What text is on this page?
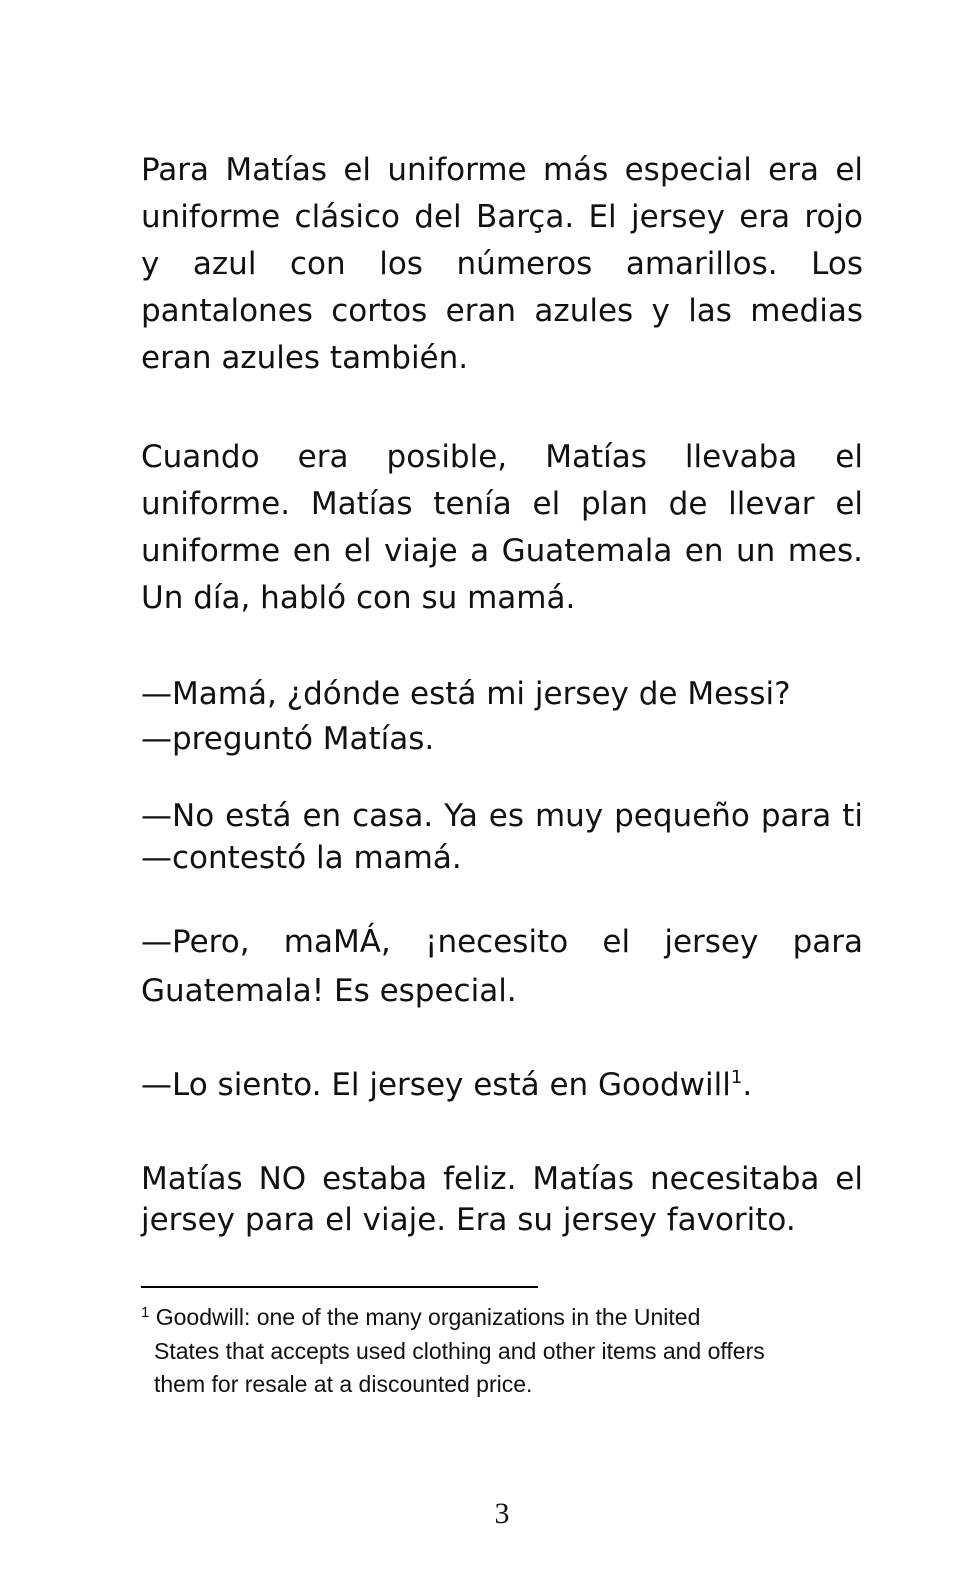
Para Matías el uniforme más especial era el
uniforme clásico del Barça. El jersey era rojo
y azul con los números amarillos. Los
pantalones cortos eran azules y las medias
eran azules también.
Cuando era posible, Matías llevaba el
uniforme. Matías tenía el plan de llevar el
uniforme en el viaje a Guatemala en un mes.
Un día, habló con su mamá.
—Mamá, ¿dónde está mi jersey de Messi?
—preguntó Matías.
—No está en casa. Ya es muy pequeño para ti
—contestó la mamá.
—Pero, maMÁ, ¡necesito el jersey para
Guatemala! Es especial.
—Lo siento. El jersey está en Goodwill$^1$.
Matías NO estaba feliz. Matías necesitaba el
jersey para el viaje. Era su jersey favorito.
$^1$ Goodwill: one of the many organizations in the United
States that accepts used clothing and other items and offers
them for resale at a discounted price.
3
